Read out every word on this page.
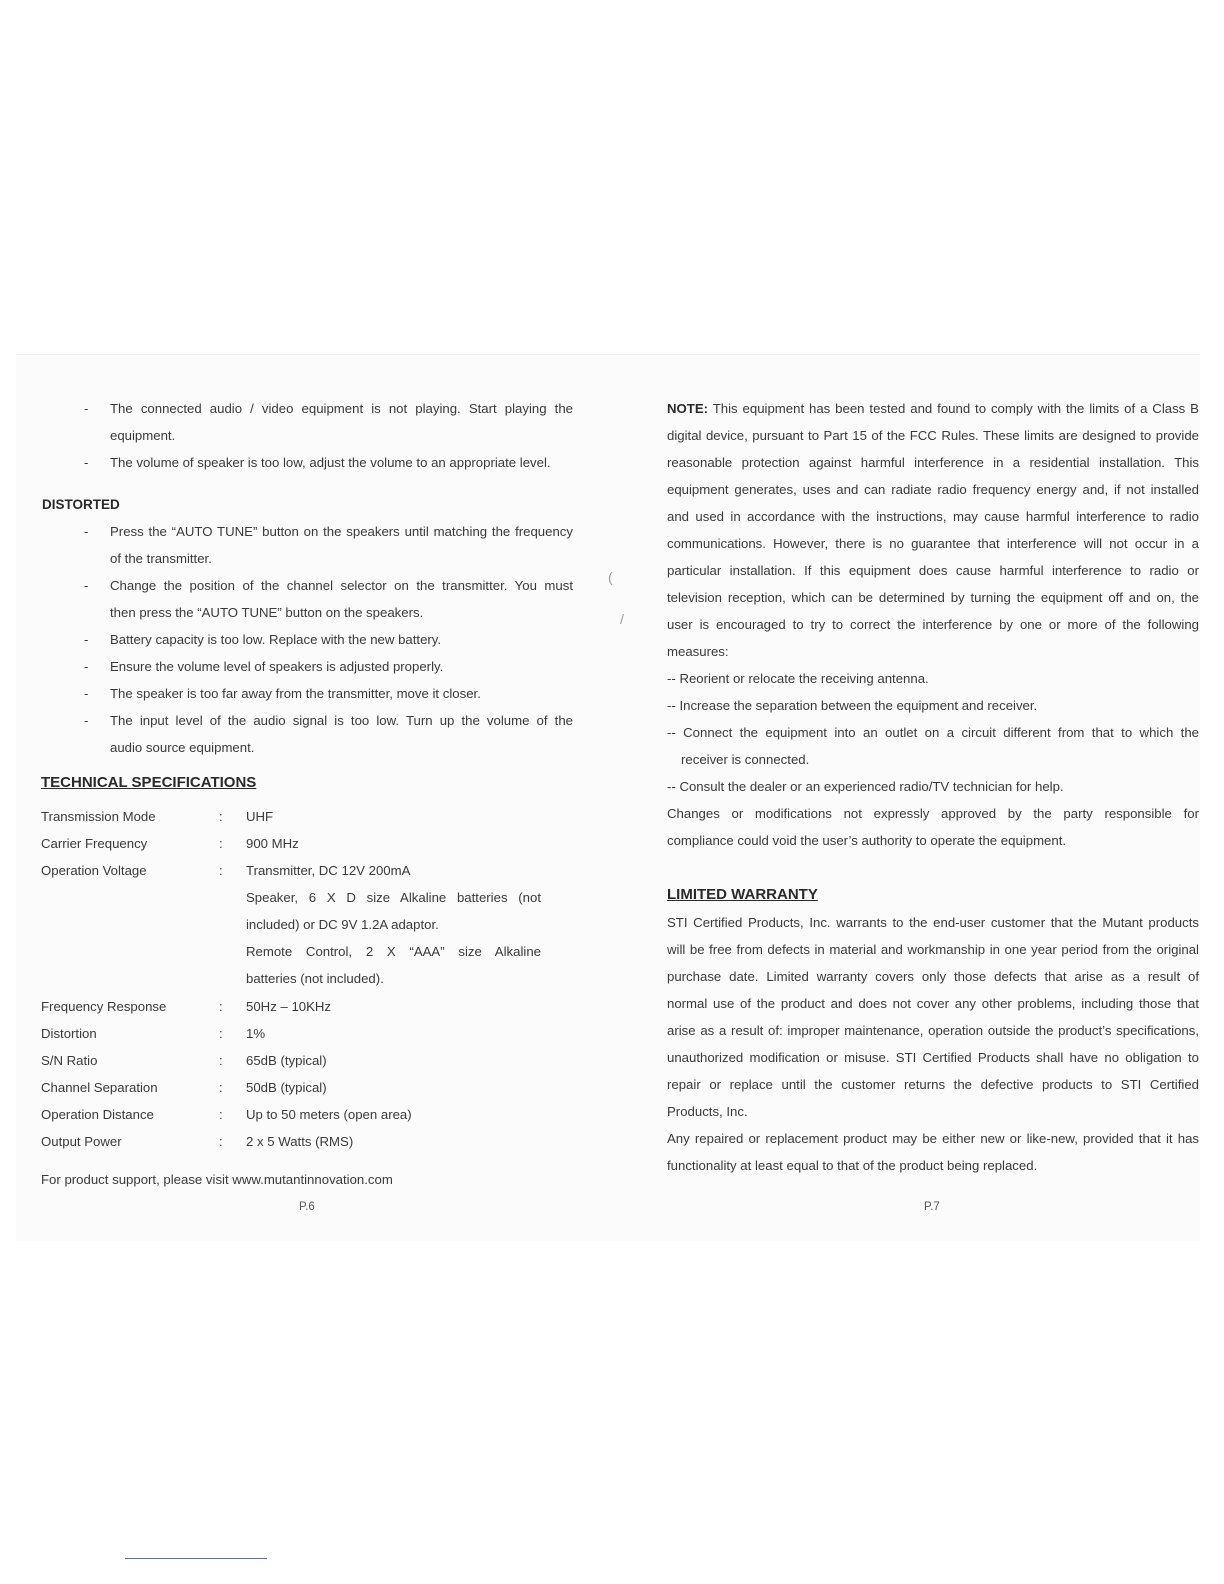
- The connected audio / video equipment is not playing. Start playing the
equipment.
- The volume of speaker is too low, adjust the volume to an appropriate level.
DISTORTED
- Press the “AUTO TUNE” button on the speakers until matching the frequency
of the transmitter.
- Change the position of the channel selector on the transmitter. You must
then press the “AUTO TUNE” button on the speakers.
- Battery capacity is too low. Replace with the new battery.
- Ensure the volume level of speakers is adjusted properly.
- The speaker is too far away from the transmitter, move it closer.
- The input level of the audio signal is too low. Turn up the volume of the
audio source equipment.
TECHNICAL SPECIFICATIONS
Transmission Mode	: UHF
Carrier Frequency	: 900 MHz
Operation Voltage	: Transmitter, DC 12V 200mA
Speaker, 6 X D size Alkaline batteries (not
included) or DC 9V 1.2A adaptor.
Remote Control, 2 X “AAA” size Alkaline
batteries (not included).
Frequency Response	: 50Hz – 10KHz
Distortion	: 1%
S/N Ratio	: 65dB (typical)
Channel Separation	: 50dB (typical)
Operation Distance	: Up to 50 meters (open area)
Output Power	: 2 x 5 Watts (RMS)
For product support, please visit www.mutantinnovation.com
P.6
NOTE: This equipment has been tested and found to comply with the limits of a Class B
digital device, pursuant to Part 15 of the FCC Rules. These limits are designed to provide
reasonable protection against harmful interference in a residential installation. This
equipment generates, uses and can radiate radio frequency energy and, if not installed
and used in accordance with the instructions, may cause harmful interference to radio
communications. However, there is no guarantee that interference will not occur in a
particular installation. If this equipment does cause harmful interference to radio or
television reception, which can be determined by turning the equipment off and on, the
user is encouraged to try to correct the interference by one or more of the following
measures:
-- Reorient or relocate the receiving antenna.
-- Increase the separation between the equipment and receiver.
-- Connect the equipment into an outlet on a circuit different from that to which the
receiver is connected.
-- Consult the dealer or an experienced radio/TV technician for help.
Changes or modifications not expressly approved by the party responsible for
compliance could void the user’s authority to operate the equipment.
LIMITED WARRANTY
STI Certified Products, Inc. warrants to the end-user customer that the Mutant products
will be free from defects in material and workmanship in one year period from the original
purchase date. Limited warranty covers only those defects that arise as a result of
normal use of the product and does not cover any other problems, including those that
arise as a result of: improper maintenance, operation outside the product’s specifications,
unauthorized modification or misuse. STI Certified Products shall have no obligation to
repair or replace until the customer returns the defective products to STI Certified
Products, Inc.
Any repaired or replacement product may be either new or like-new, provided that it has
functionality at least equal to that of the product being replaced.
P.7
(
/
